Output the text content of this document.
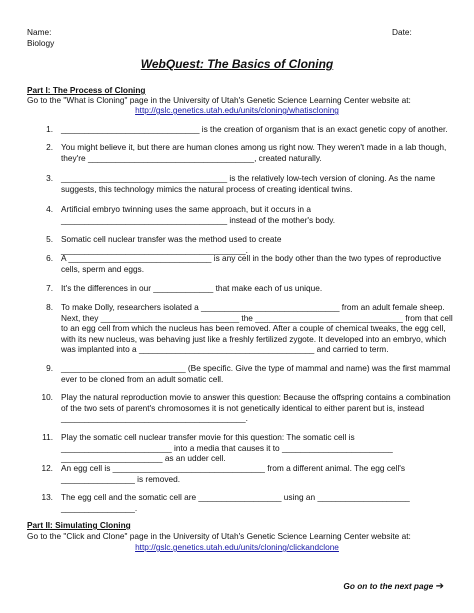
Name:
Biology
Date:
WebQuest: The Basics of Cloning
Part I: The Process of Cloning
Go to the "What is Cloning" page in the University of Utah's Genetic Science Learning Center website at:
http://gslc.genetics.utah.edu/units/cloning/whatiscloning
1. ______________________________ is the creation of organism that is an exact genetic copy of another.
2. You might believe it, but there are human clones among us right now. They weren't made in a lab though, they're ____________________________________, created naturally.
3. ____________________________________ is the relatively low-tech version of cloning. As the name suggests, this technology mimics the natural process of creating identical twins.
4. Artificial embryo twinning uses the same approach, but it occurs in a ____________________________________ instead of the mother's body.
5. Somatic cell nuclear transfer was the method used to create ________________________________________.
6. A _______________________________ is any cell in the body other than the two types of reproductive cells, sperm and eggs.
7. It's the differences in our _____________ that make each of us unique.
8. To make Dolly, researchers isolated a ______________________________ from an adult female sheep. Next, they ______________________________ the ________________________________ from that cell to an egg cell from which the nucleus has been removed. After a couple of chemical tweaks, the egg cell, with its new nucleus, was behaving just like a freshly fertilized zygote. It developed into an embryo, which was implanted into a ______________________________________ and carried to term.
9. ___________________________ (Be specific. Give the type of mammal and name) was the first mammal ever to be cloned from an adult somatic cell.
10. Play the natural reproduction movie to answer this question: Because the offspring contains a combination of the two sets of parent's chromosomes it is not genetically identical to either parent but is, instead ________________________________________.
11. Play the somatic cell nuclear transfer movie for this question: The somatic cell is ________________________ into a media that causes it to ________________________ ______________________ as an udder cell.
12. An egg cell is _________________________________ from a different animal. The egg cell's ________________ is removed.
13. The egg cell and the somatic cell are __________________ using an ____________________ ________________.
Part II: Simulating Cloning
Go to the "Click and Clone" page in the University of Utah's Genetic Science Learning Center website at:
http://gslc.genetics.utah.edu/units/cloning/clickandclone
Go on to the next page ➔
